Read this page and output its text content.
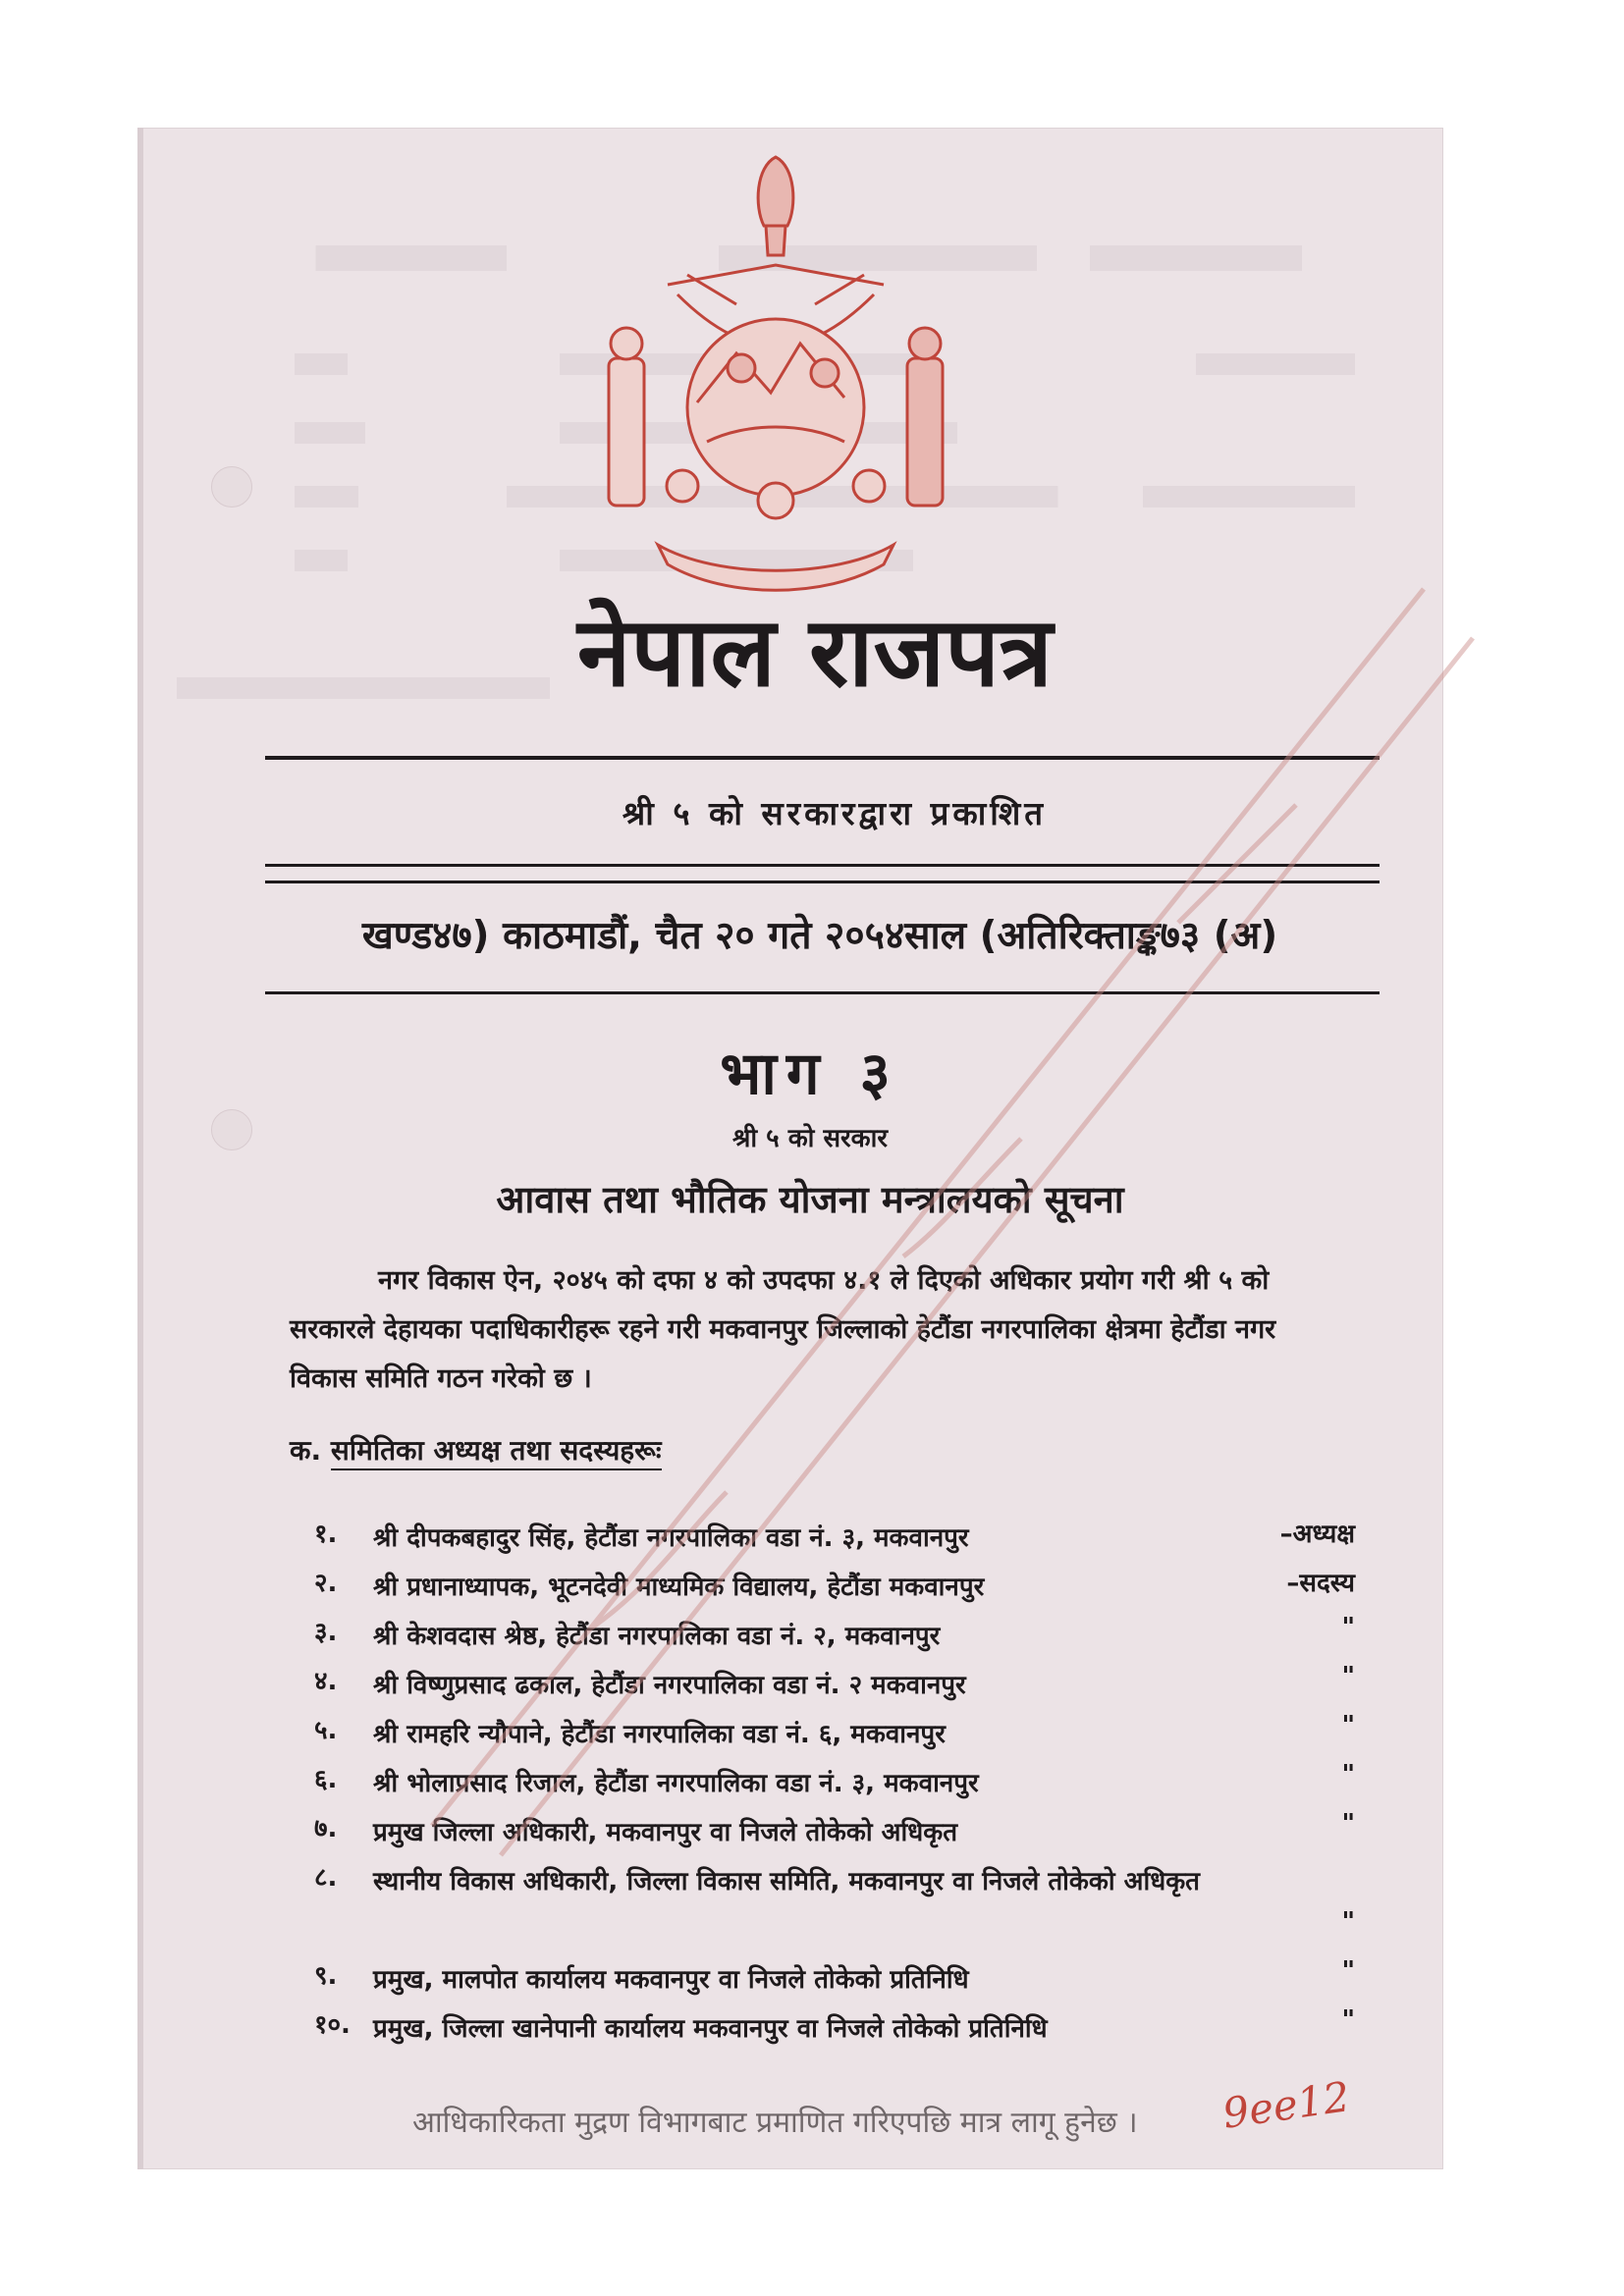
नेपाल राजपत्र
श्री ५ को सरकारद्वारा प्रकाशित
खण्ड४७) काठमाडौं, चैत २० गते २०५४साल (अतिरिक्ताङ्क७३ (अ)
भाग ३
श्री ५ को सरकार
आवास तथा भौतिक योजना मन्त्रालयको सूचना
नगर विकास ऐन, २०४५ को दफा ४ को उपदफा ४.१ ले दिएको अधिकार प्रयोग गरी श्री ५ को सरकारले देहायका पदाधिकारीहरू रहने गरी मकवानपुर जिल्लाको हेटौंडा नगरपालिका क्षेत्रमा हेटौंडा नगर विकास समिति गठन गरेको छ ।
क. समितिका अध्यक्ष तथा सदस्यहरूः
१.	श्री दीपकबहादुर सिंह, हेटौंडा नगरपालिका वडा नं. ३, मकवानपुर	–अध्यक्ष
२.	श्री प्रधानाध्यापक, भूटनदेवी माध्यमिक विद्यालय, हेटौंडा मकवानपुर	–सदस्य
३.	श्री केशवदास श्रेष्ठ, हेटौंडा नगरपालिका वडा नं. २, मकवानपुर	"
४.	श्री विष्णुप्रसाद ढकाल, हेटौंडा नगरपालिका वडा नं. २ मकवानपुर	"
५.	श्री रामहरि न्यौपाने, हेटौंडा नगरपालिका वडा नं. ६, मकवानपुर	"
६.	श्री भोलाप्रसाद रिजाल, हेटौंडा नगरपालिका वडा नं. ३, मकवानपुर	"
७.	प्रमुख जिल्ला अधिकारी, मकवानपुर वा निजले तोकेको अधिकृत	"
८.	स्थानीय विकास अधिकारी, जिल्ला विकास समिति, मकवानपुर वा निजले तोकेको अधिकृत
"
९.	प्रमुख, मालपोत कार्यालय मकवानपुर वा निजले तोकेको प्रतिनिधि	"
१०. प्रमुख, जिल्ला खानेपानी कार्यालय मकवानपुर वा निजले तोकेको प्रतिनिधि	"
आधिकारिकता मुद्रण विभागबाट प्रमाणित गरिएपछि मात्र लागू हुनेछ ।	9ee12
